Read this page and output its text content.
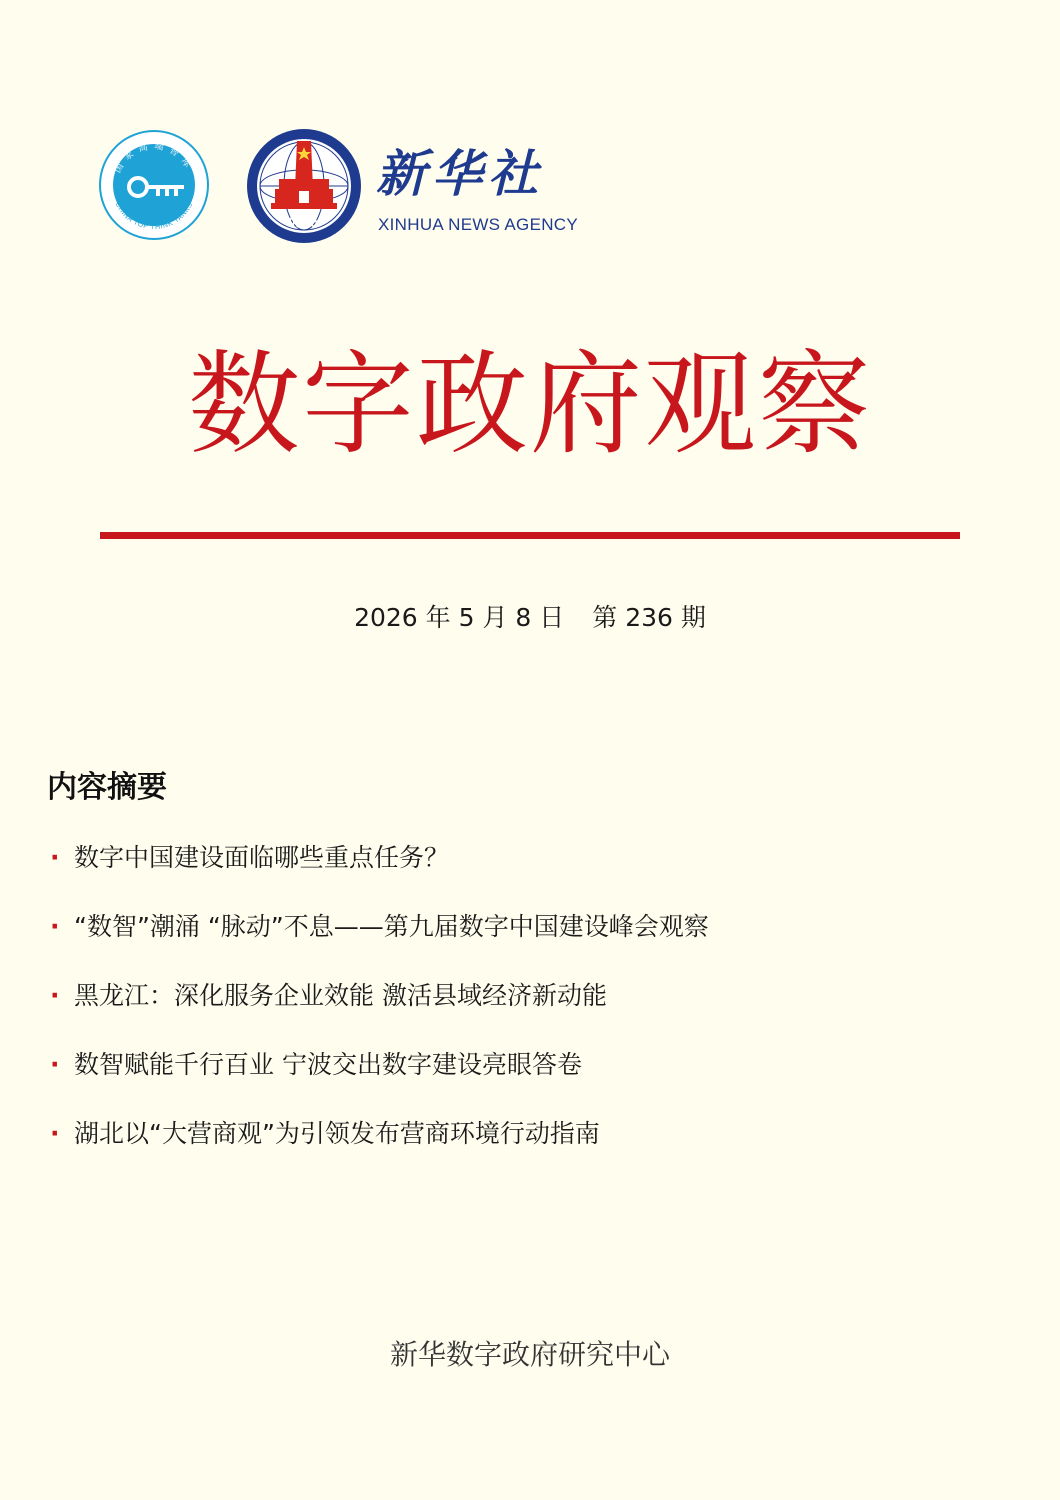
国家高端智库
CHINA TOP THINK TANKS
XINHUA
新华社
XINHUA NEWS AGENCY
数字政府观察
2026 年 5 月 8 日 第 236 期
内容摘要
· 数字中国建设面临哪些重点任务？
· “数智”潮涌 “脉动”不息——第九届数字中国建设峰会观察
· 黑龙江：深化服务企业效能 激活县域经济新动能
· 数智赋能千行百业 宁波交出数字建设亮眼答卷
· 湖北以“大营商观”为引领发布营商环境行动指南
新华数字政府研究中心
